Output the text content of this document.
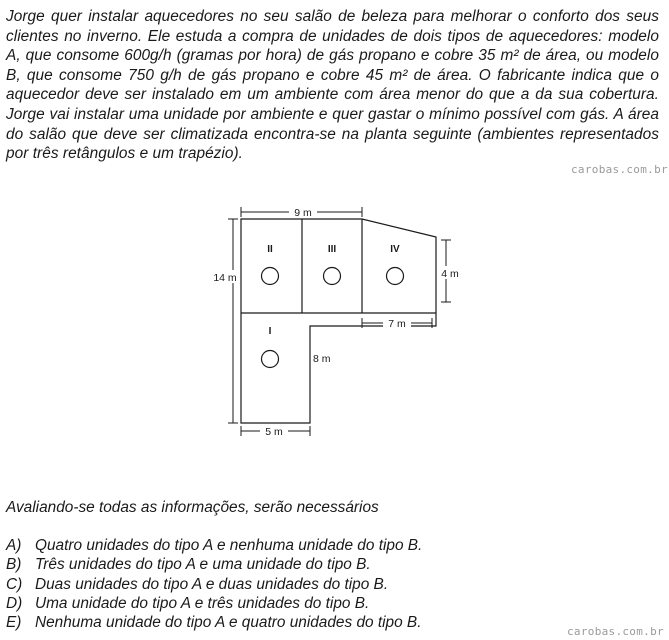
Jorge quer instalar aquecedores no seu salão de beleza para melhorar o conforto dos seus clientes no inverno. Ele estuda a compra de unidades de dois tipos de aquecedores: modelo A, que consome 600g/h (gramas por hora) de gás propano e cobre 35 m² de área, ou modelo B, que consome 750 g/h de gás propano e cobre 45 m² de área. O fabricante indica que o aquecedor deve ser instalado em um ambiente com área menor do que a da sua cobertura. Jorge vai instalar uma unidade por ambiente e quer gastar o mínimo possível com gás. A área do salão que deve ser climatizada encontra-se na planta seguinte (ambientes representados por três retângulos e um trapézio).

carobas.com.br
9 m
14 m	4 m
7 m
8 m
5 m
II	III	IV
I
Avaliando-se todas as informações, serão necessários
A) Quatro unidades do tipo A e nenhuma unidade do tipo B.
B) Três unidades do tipo A e uma unidade do tipo B.
C) Duas unidades do tipo A e duas unidades do tipo B.
D) Uma unidade do tipo A e três unidades do tipo B.
E) Nenhuma unidade do tipo A e quatro unidades do tipo B.
carobas.com.br
